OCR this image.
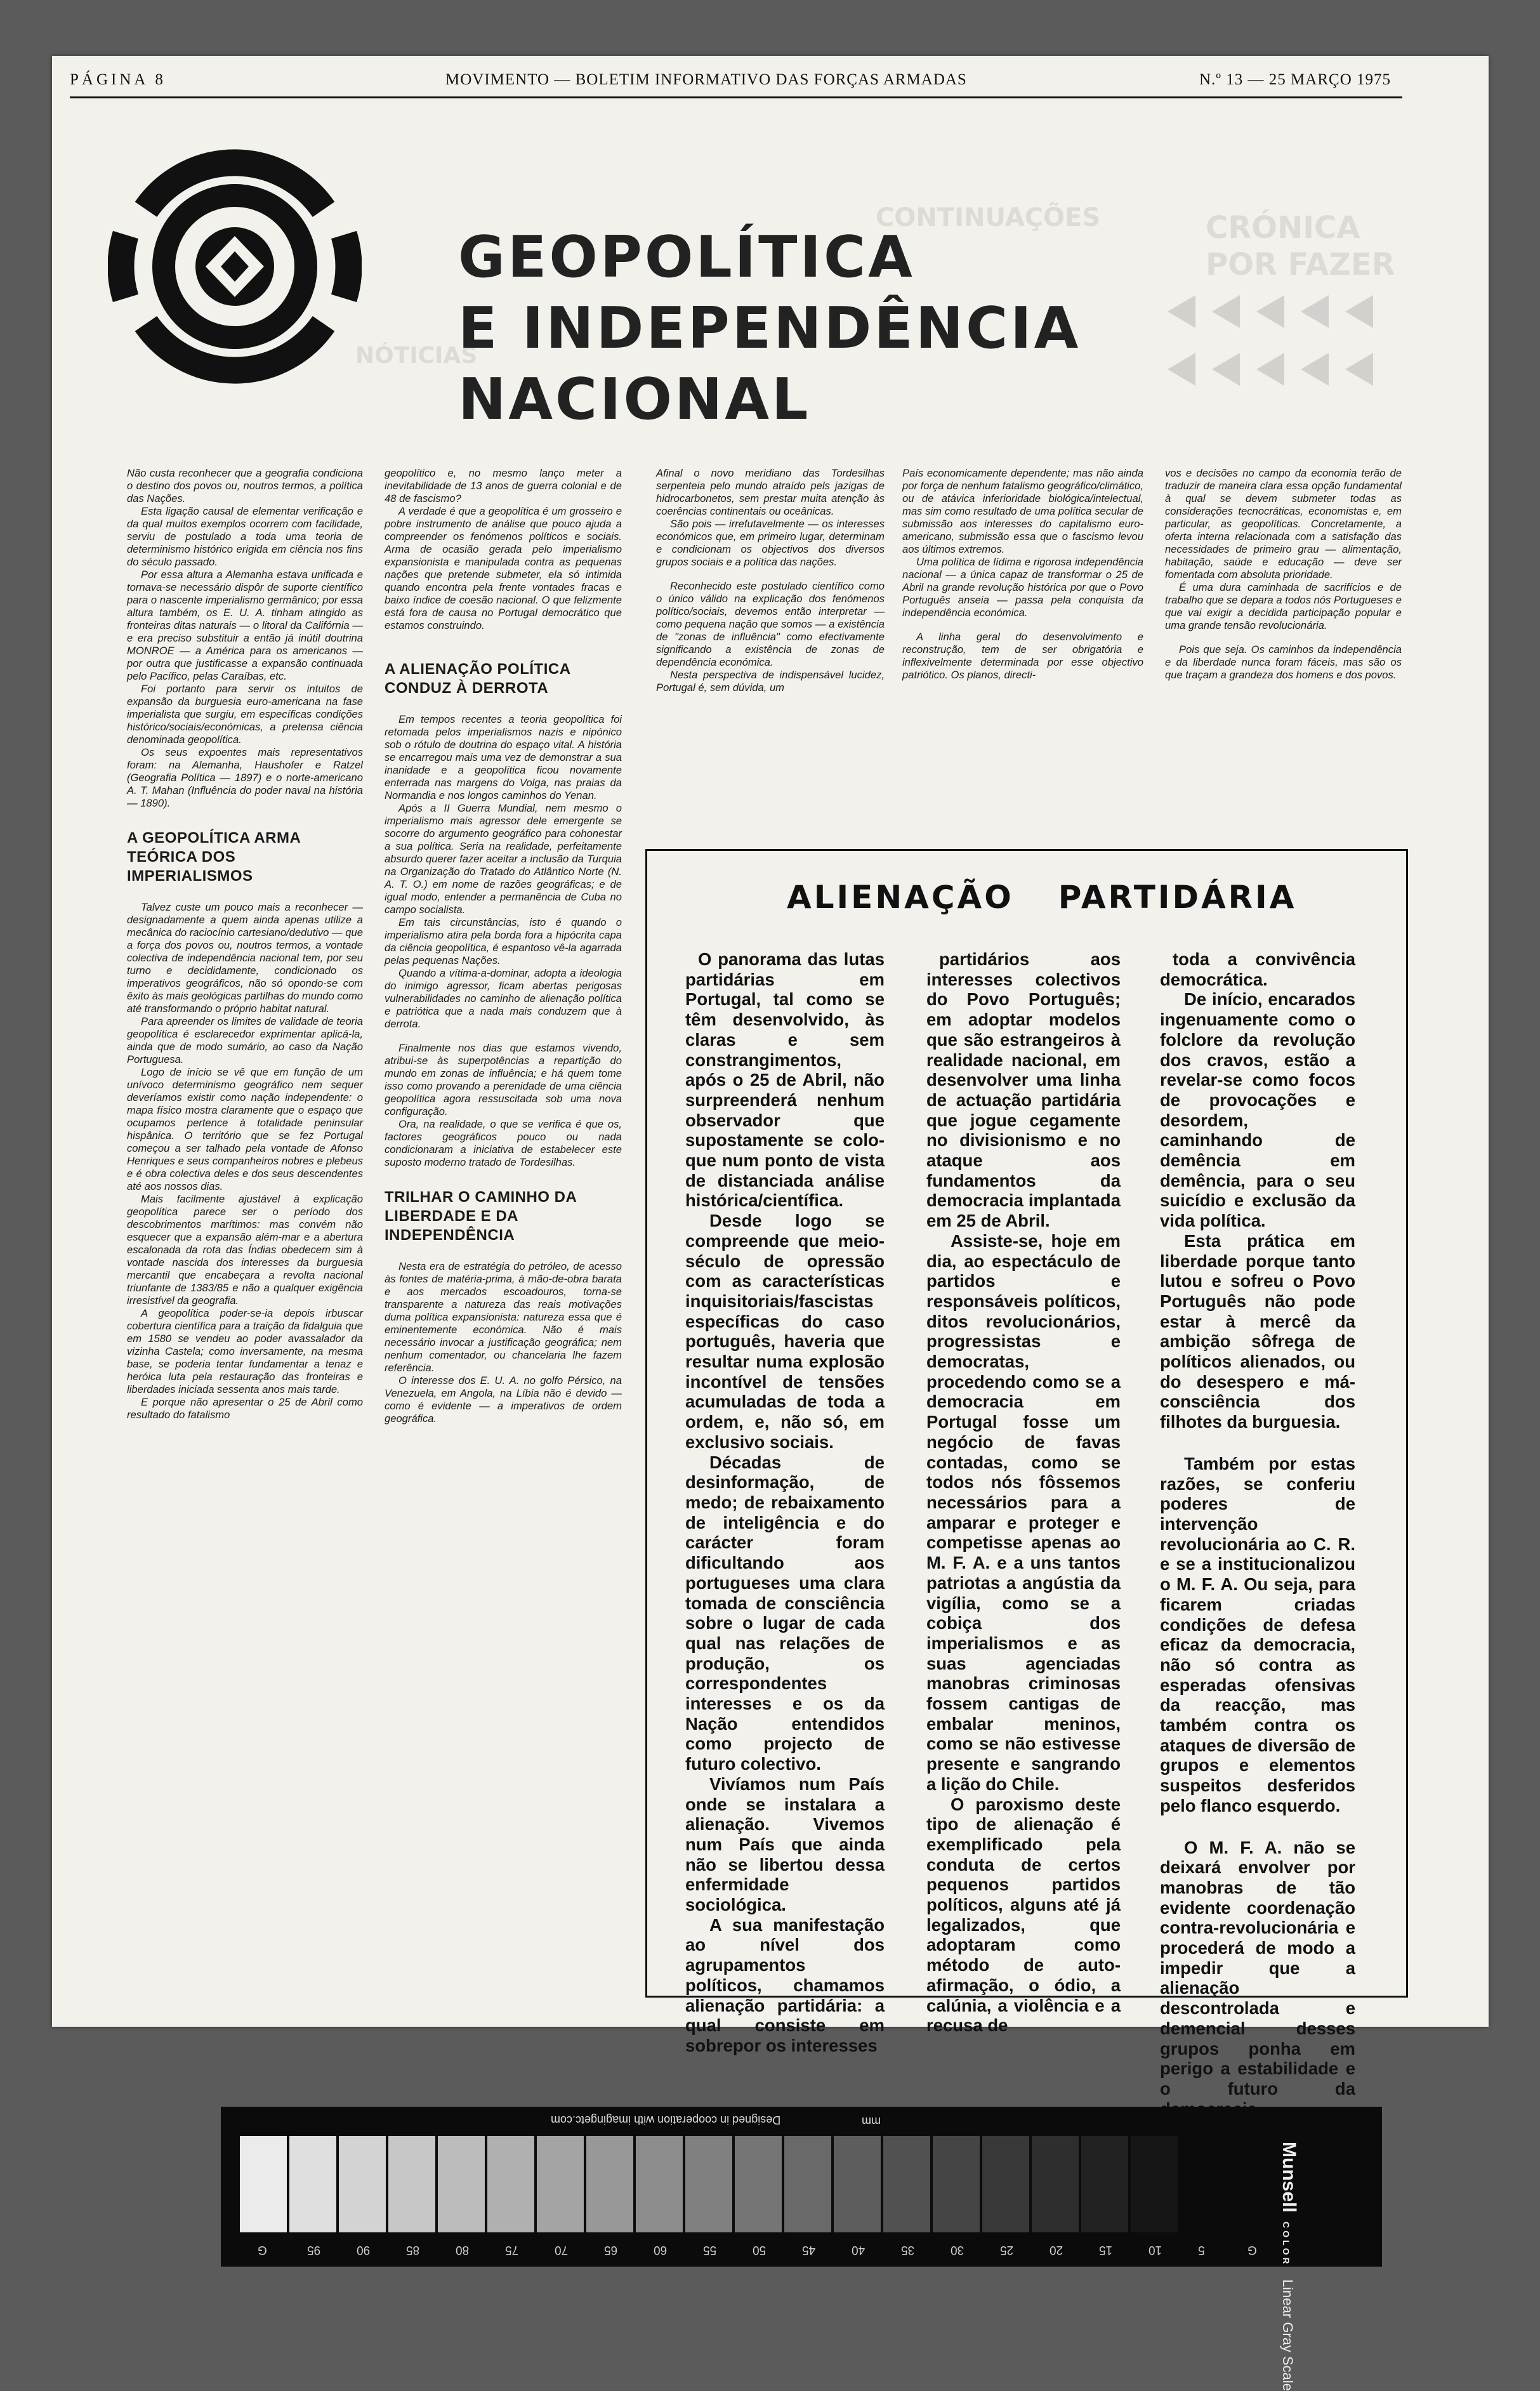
CONTINUAÇÕES	CRÓNICA
POR FAZER
NÓTICIAS

PÁGINA 8	MOVIMENTO — BOLETIM INFORMATIVO DAS FORÇAS ARMADAS	N.º 13 — 25 MARÇO 1975
GEOPOLÍTICA
E INDEPENDÊNCIA
NACIONAL

Não custa reconhecer que a geografia condiciona o destino dos povos ou, noutros termos, a política das Nações.

Esta ligação causal de elementar verificação e da qual muitos exemplos ocorrem com facilidade, serviu de postulado a toda uma teoria de determinismo histórico erigida em ciência nos fins do século passado.

Por essa altura a Alemanha estava unificada e tornava-se necessário dispôr de suporte científico para o nascente imperialismo germânico; por essa altura também, os E. U. A. tinham atingido as fronteiras ditas naturais — o litoral da Califórnia — e era preciso substituir a então já inútil doutrina MONROE — a América para os americanos — por outra que justificasse a expansão continuada pelo Pacífico, pelas Caraíbas, etc.

Foi portanto para servir os intuitos de expansão da burguesia euro-americana na fase imperialista que surgiu, em específicas condições histórico/sociais/económicas, a pretensa ciência denominada geopolítica.

Os seus expoentes mais representativos foram: na Alemanha, Haushofer e Ratzel (Geografia Política — 1897) e o norte-americano A. T. Mahan (Influência do poder naval na história — 1890).

A GEOPOLÍTICA ARMA TEÓRICA DOS IMPERIALISMOS

Talvez custe um pouco mais a reconhecer — designadamente a quem ainda apenas utilize a mecânica do raciocínio cartesiano/dedutivo — que a força dos povos ou, noutros termos, a vontade colectiva de independência nacional tem, por seu turno e decididamente, condicionado os imperativos geográficos, não só opondo-se com êxito às mais geológicas partilhas do mundo como até transformando o próprio habitat natural.

Para apreender os limites de validade de teoria geopolítica é esclarecedor exprimentar aplicá-la, ainda que de modo sumário, ao caso da Nação Portuguesa.

Logo de início se vê que em função de um unívoco determinismo geográfico nem sequer deveríamos existir como nação independente: o mapa físico mostra claramente que o espaço que ocupamos pertence à totalidade peninsular hispânica. O território que se fez Portugal começou a ser talhado pela vontade de Afonso Henriques e seus companheiros nobres e plebeus e é obra colectiva deles e dos seus descendentes até aos nossos dias.

Mais facilmente ajustável à explicação geopolítica parece ser o período dos descobrimentos marítimos: mas convém não esquecer que a expansão além-mar e a abertura escalonada da rota das Índias obedecem sim à vontade nascida dos interesses da burguesia mercantil que encabeçara a revolta nacional triunfante de 1383/85 e não a qualquer exigência irresistível da geografia.

A geopolítica poder-se-ia depois irbuscar cobertura científica para a traição da fidalguia que em 1580 se vendeu ao poder avassalador da vizinha Castela; como inversamente, na mesma base, se poderia tentar fundamentar a tenaz e heróica luta pela restauração das fronteiras e liberdades iniciada sessenta anos mais tarde.

E porque não apresentar o 25 de Abril como resultado do fatalismo

geopolítico e, no mesmo lanço meter a inevitabilidade de 13 anos de guerra colonial e de 48 de fascismo?

A verdade é que a geopolítica é um grosseiro e pobre instrumento de análise que pouco ajuda a compreender os fenómenos políticos e sociais. Arma de ocasião gerada pelo imperialismo expansionista e manipulada contra as pequenas nações que pretende submeter, ela só intimida quando encontra pela frente vontades fracas e baixo índice de coesão nacional. O que felizmente está fora de causa no Portugal democrático que estamos construindo.

A ALIENAÇÃO POLÍTICA CONDUZ À DERROTA

Em tempos recentes a teoria geopolítica foi retomada pelos imperialismos nazis e nipónico sob o rótulo de doutrina do espaço vital. A história se encarregou mais uma vez de demonstrar a sua inanidade e a geopolítica ficou novamente enterrada nas margens do Volga, nas praias da Normandia e nos longos caminhos do Yenan.

Após a II Guerra Mundial, nem mesmo o imperialismo mais agressor dele emergente se socorre do argumento geográfico para cohonestar a sua política. Seria na realidade, perfeitamente absurdo querer fazer aceitar a inclusão da Turquia na Organização do Tratado do Atlântico Norte (N. A. T. O.) em nome de razões geográficas; e de igual modo, entender a permanência de Cuba no campo socialista.

Em tais circunstâncias, isto é quando o imperialismo atira pela borda fora a hipócrita capa da ciência geopolítica, é espantoso vê-la agarrada pelas pequenas Nações.

Quando a vítima-a-dominar, adopta a ideologia do inimigo agressor, ficam abertas perigosas vulnerabilidades no caminho de alienação política e patriótica que a nada mais conduzem que à derrota.

Finalmente nos dias que estamos vivendo, atribui-se às superpotências a repartição do mundo em zonas de influência; e há quem tome isso como provando a perenidade de uma ciência geopolítica agora ressuscitada sob uma nova configuração.

Ora, na realidade, o que se verifica é que os, factores geográficos pouco ou nada condicionaram a iniciativa de estabelecer este suposto moderno tratado de Tordesilhas.

TRILHAR O CAMINHO DA LIBERDADE E DA INDEPENDÊNCIA

Nesta era de estratégia do petróleo, de acesso às fontes de matéria-prima, à mão-de-obra barata e aos mercados escoadouros, torna-se transparente a natureza das reais motivações duma política expansionista: natureza essa que é eminentemente económica. Não é mais necessário invocar a justificação geográfica; nem nenhum comentador, ou chancelaria lhe fazem referência.

O interesse dos E. U. A. no golfo Pérsico, na Venezuela, em Angola, na Líbia não é devido — como é evidente — a imperativos de ordem geográfica.

Afinal o novo meridiano das Tordesilhas serpenteia pelo mundo atraído pels jazigas de hidrocarbonetos, sem prestar muita atenção às coerências continentais ou oceânicas.

São pois — irrefutavelmente — os interesses económicos que, em primeiro lugar, determinam e condicionam os objectivos dos diversos grupos sociais e a política das nações.

Reconhecido este postulado científico como o único válido na explicação dos fenómenos político/sociais, devemos então interpretar — como pequena nação que somos — a existência de "zonas de influência" como efectivamente significando a existência de zonas de dependência económica.

Nesta perspectiva de indispensável lucidez, Portugal é, sem dúvida, um

País economicamente dependente; mas não ainda por força de nenhum fatalismo geográfico/climático, ou de atávica inferioridade biológica/intelectual, mas sim como resultado de uma política secular de submissão aos interesses do capitalismo euro-americano, submissão essa que o fascismo levou aos últimos extremos.

Uma política de lídima e rigorosa independência nacional — a única capaz de transformar o 25 de Abril na grande revolução histórica por que o Povo Português anseia — passa pela conquista da independência económica.

A linha geral do desenvolvimento e reconstrução, tem de ser obrigatória e inflexivelmente determinada por esse objectivo patriótico. Os planos, directi-

vos e decisões no campo da economia terão de traduzir de maneira clara essa opção fundamental à qual se devem submeter todas as considerações tecnocráticas, economistas e, em particular, as geopolíticas. Concretamente, a oferta interna relacionada com a satisfação das necessidades de primeiro grau — alimentação, habitação, saúde e educação — deve ser fomentada com absoluta prioridade.

É uma dura caminhada de sacrifícios e de trabalho que se depara a todos nós Portugueses e que vai exigir a decidida participação popular e uma grande tensão revolucionária.

Pois que seja. Os caminhos da independência e da liberdade nunca foram fáceis, mas são os que traçam a grandeza dos homens e dos povos.

ALIENAÇÃO PARTIDÁRIA

O panorama das lutas partidárias em Portugal, tal como se têm desenvolvido, às claras e sem constrangimentos, após o 25 de Abril, não surpreenderá nenhum observador que supostamente se colo-que num ponto de vista de distanciada análise histórica/científica.

Desde logo se compreende que meio-século de opressão com as características inquisitoriais/fascistas específicas do caso português, haveria que resultar numa explosão incontível de tensões acumuladas de toda a ordem, e, não só, em exclusivo sociais.

Décadas de desinformação, de medo; de rebaixamento de inteligência e do carácter foram dificultando aos portugueses uma clara tomada de consciência sobre o lugar de cada qual nas relações de produção, os correspondentes interesses e os da Nação entendidos como projecto de futuro colectivo.

Vivíamos num País onde se instalara a alienação. Vivemos num País que ainda não se libertou dessa enfermidade sociológica.

A sua manifestação ao nível dos agrupamentos políticos, chamamos alienação partidária: a qual consiste em sobrepor os interesses

partidários aos interesses colectivos do Povo Português; em adoptar modelos que são estrangeiros à realidade nacional, em desenvolver uma linha de actuação partidária que jogue cegamente no divisionismo e no ataque aos fundamentos da democracia implantada em 25 de Abril.

Assiste-se, hoje em dia, ao espectáculo de partidos e responsáveis políticos, ditos revolucionários, progressistas e democratas, procedendo como se a democracia em Portugal fosse um negócio de favas contadas, como se todos nós fôssemos necessários para a amparar e proteger e competisse apenas ao M. F. A. e a uns tantos patriotas a angústia da vigília, como se a cobiça dos imperialismos e as suas agenciadas manobras criminosas fossem cantigas de embalar meninos, como se não estivesse presente e sangrando a lição do Chile.

O paroxismo deste tipo de alienação é exemplificado pela conduta de certos pequenos partidos políticos, alguns até já legalizados, que adoptaram como método de auto-afirmação, o ódio, a calúnia, a violência e a recusa de

toda a convivência democrática.

De início, encarados ingenuamente como o folclore da revolução dos cravos, estão a revelar-se como focos de provocações e desordem, caminhando de demência em demência, para o seu suicídio e exclusão da vida política.

Esta prática em liberdade porque tanto lutou e sofreu o Povo Português não pode estar à mercê da ambição sôfrega de políticos alienados, ou do desespero e má-consciência dos filhotes da burguesia.

Também por estas razões, se conferiu poderes de intervenção revolucionária ao C. R. e se a institucionalizou o M. F. A. Ou seja, para ficarem criadas condições de defesa eficaz da democracia, não só contra as esperadas ofensivas da reacção, mas também contra os ataques de diversão de grupos e elementos suspeitos desferidos pelo flanco esquerdo.

O M. F. A. não se deixará envolver por manobras de tão evidente coordenação contra-revolucionária e procederá de modo a impedir que a alienação descontrolada e demencial desses grupos ponha em perigo a estabilidade e o futuro da

Designed in cooperation with imagingetc.com	mm
G	95	90	85	80	75	70	65	60	55	50	45	40	35	30	25	20	15	10	5	G
Munsell COLOR Linear Gray Scale
